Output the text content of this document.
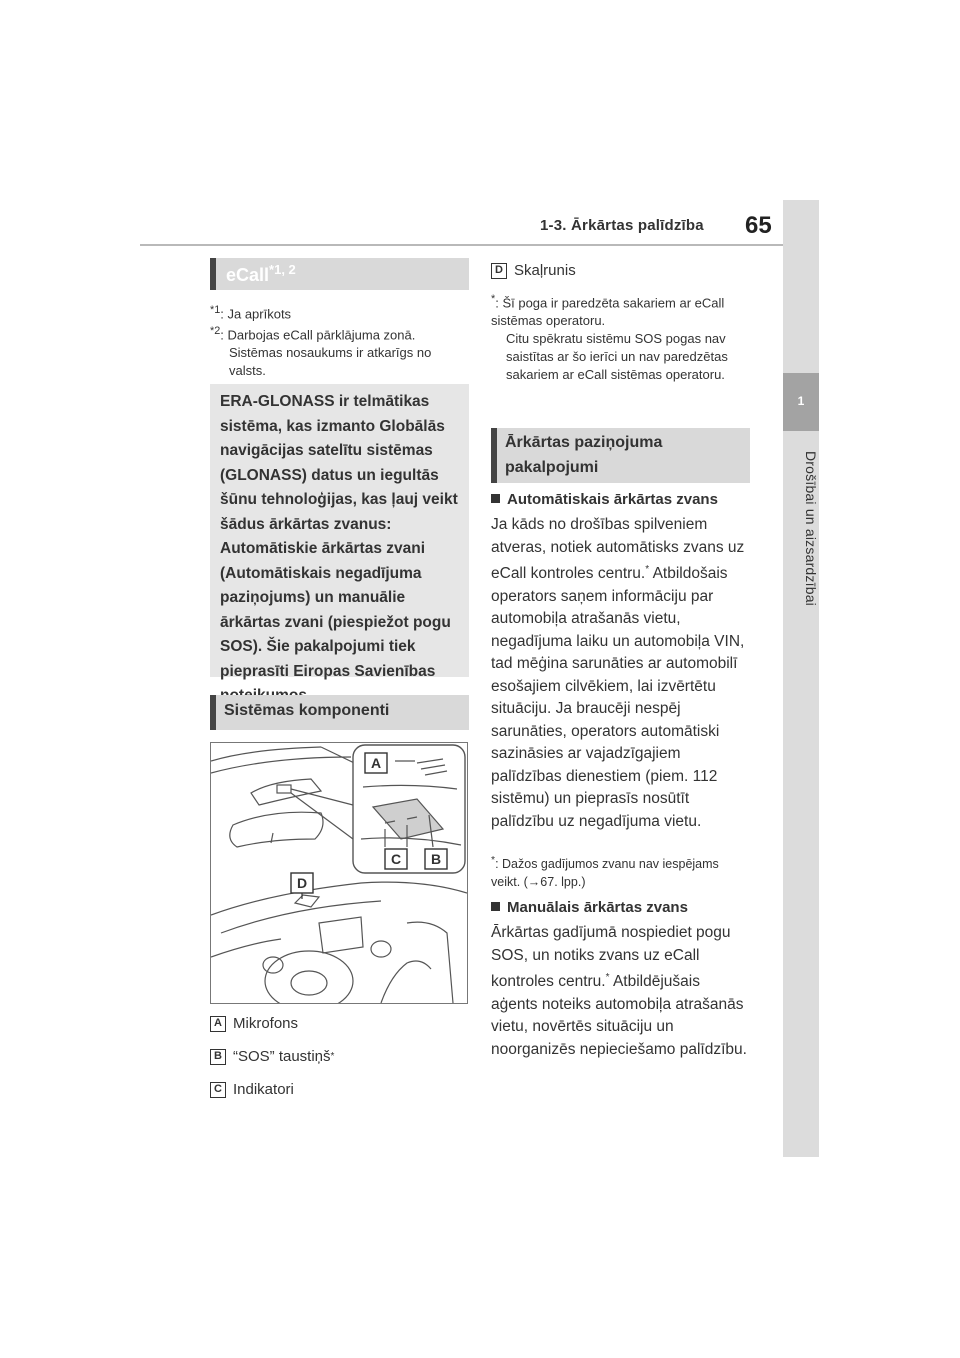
1-3. Ārkārtas palīdzība 65
1
Drošībai un aizsardzībai
eCall$^{*1, 2}$
$^{*1}$: Ja aprīkots
$^{*2}$: Darbojas eCall pārklājuma zonā.
Sistēmas nosaukums ir atkarīgs no valsts.
ERA-GLONASS ir telmātikas sistēma, kas izmanto Globālās navigācijas satelītu sistēmas (GLONASS) datus un iegultās šūnu tehnoloģijas, kas ļauj veikt šādus ārkārtas zvanus: Automātiskie ārkārtas zvani (Automātiskais negadījuma paziņojums) un manuālie ārkārtas zvani (piespiežot pogu SOS). Šie pakalpojumi tiek pieprasīti Eiropas Savienības
Sistēmas komponenti
A
C B
D
A Mikrofons
B “SOS” taustiņš *
C Indikatori
D Skaļrunis
*: Šī poga ir paredzēta sakariem ar eCall sistēmas operatoru.
Citu spēkratu sistēmu SOS pogas nav saistītas ar šo ierīci un nav paredzētas sakariem ar eCall sistēmas operatoru.
Ārkārtas paziņojuma pakalpojumi
Automātiskais ārkārtas zvans
Ja kāds no drošības spilveniem atveras, notiek automātisks zvans uz eCall kontroles centru.* Atbildošais operators saņem informāciju par automobiļa atrašanās vietu, negadījuma laiku un automobiļa VIN, tad mēģina sarunāties ar automobilī esošajiem cilvēkiem, lai izvērtētu situāciju. Ja braucēji nespēj sarunāties, operators automātiski sazināsies ar vajadzīgajiem palīdzības dienestiem (piem. 112 sistēmu) un pieprasīs nosūtīt palīdzību uz negadījuma vietu.
*: Dažos gadījumos zvanu nav iespējams veikt. (→67. lpp.)
Manuālais ārkārtas zvans
Ārkārtas gadījumā nospiediet pogu SOS, un notiks zvans uz eCall kontroles centru.* Atbildējušais aģents noteiks automobiļa atrašanās vietu, novērtēs situāciju un noorganizēs nepieciešamo palīdzību.
